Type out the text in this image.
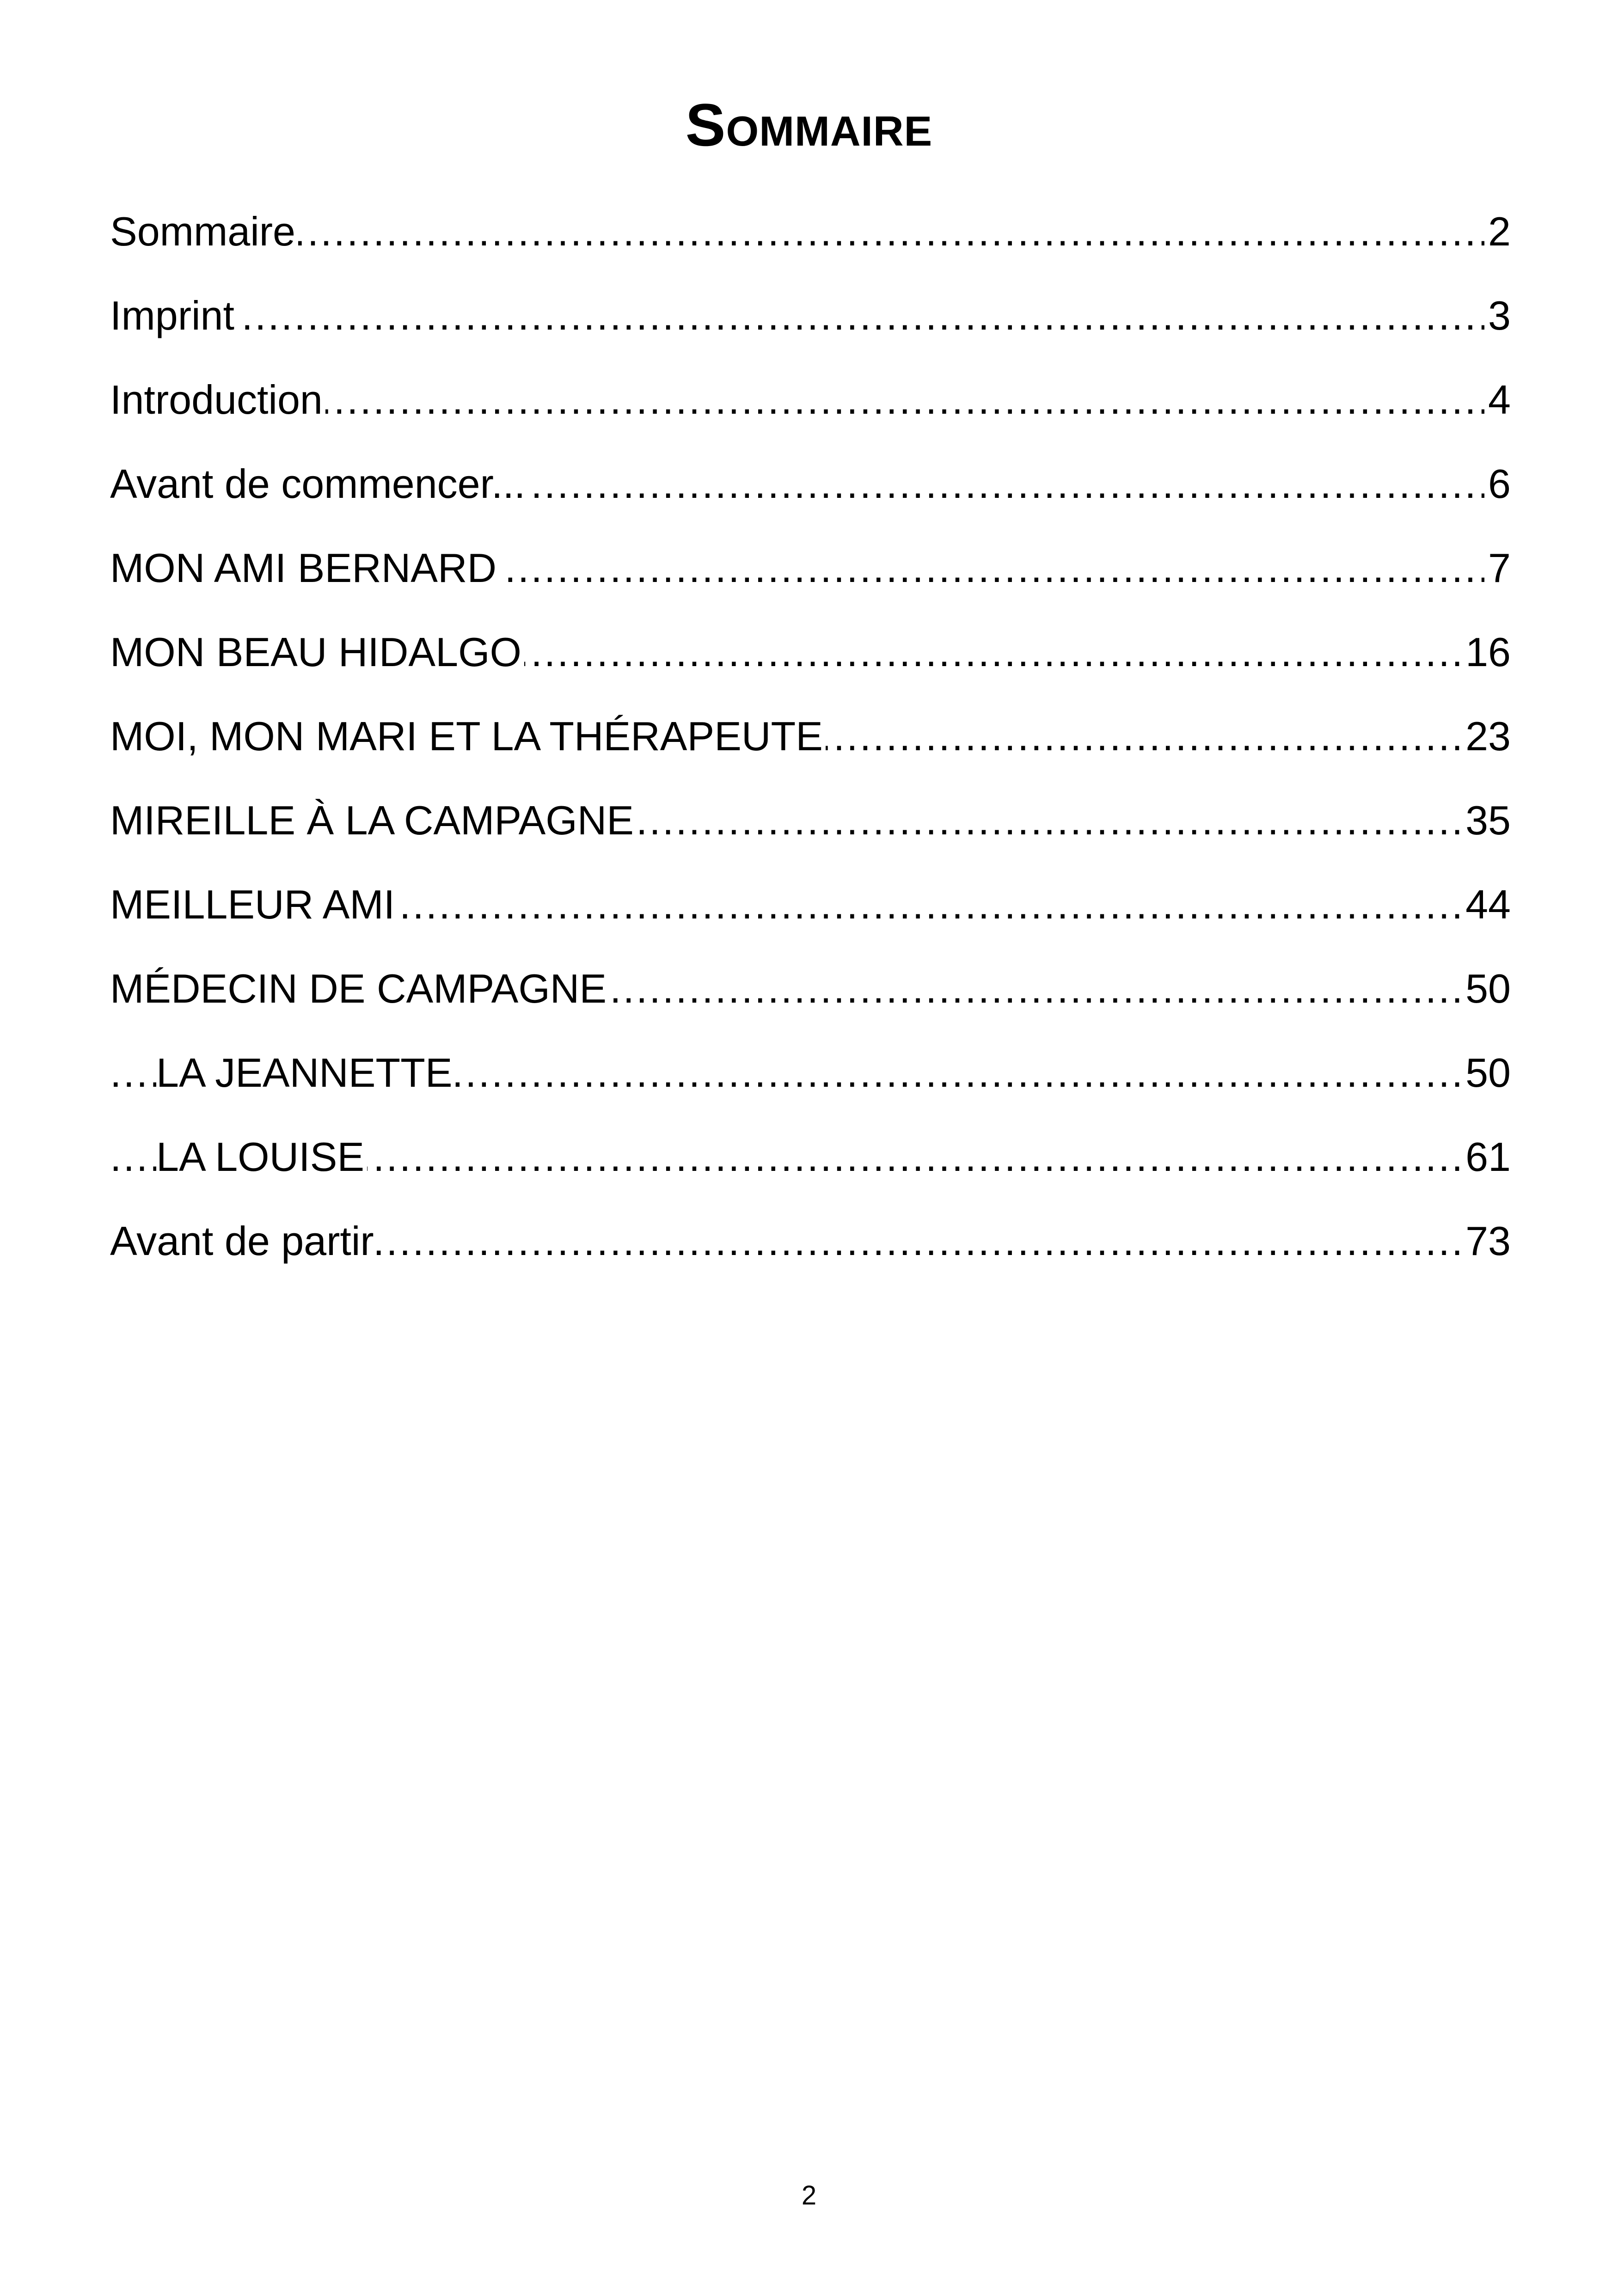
Sommaire
.....
Sommaire	2
.....
Imprint	3
.....
Introduction	4
.....
Avant de commencer...	6
.....
MON AMI BERNARD	7
.....
MON BEAU HIDALGO	16
.....
MOI, MON MARI ET LA THÉRAPEUTE	23
.....
MIREILLE À LA CAMPAGNE	35
.....
MEILLEUR AMI	44
.....
MÉDECIN DE CAMPAGNE	50
.....
LA JEANNETTE	50
.....
LA LOUISE	61
.....
Avant de partir	73
2
